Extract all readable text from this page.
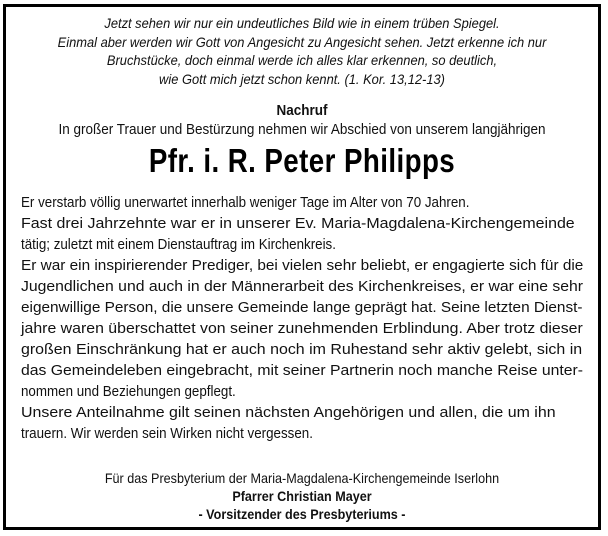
Jetzt sehen wir nur ein undeutliches Bild wie in einem trüben Spiegel.
Einmal aber werden wir Gott von Angesicht zu Angesicht sehen. Jetzt erkenne ich nur
Bruchstücke, doch einmal werde ich alles klar erkennen, so deutlich,
wie Gott mich jetzt schon kennt. (1. Kor. 13,12-13)
Nachruf
In großer Trauer und Bestürzung nehmen wir Abschied von unserem langjährigen
Pfr. i. R. Peter Philipps
Er verstarb völlig unerwartet innerhalb weniger Tage im Alter von 70 Jahren.
Fast drei Jahrzehnte war er in unserer Ev. Maria-Magdalena-Kirchengemeinde
tätig; zuletzt mit einem Dienstauftrag im Kirchenkreis.
Er war ein inspirierender Prediger, bei vielen sehr beliebt, er engagierte sich für die
Jugendlichen und auch in der Männerarbeit des Kirchenkreises, er war eine sehr
eigenwillige Person, die unsere Gemeinde lange geprägt hat. Seine letzten Dienst-
jahre waren überschattet von seiner zunehmenden Erblindung. Aber trotz dieser
großen Einschränkung hat er auch noch im Ruhestand sehr aktiv gelebt, sich in
das Gemeindeleben eingebracht, mit seiner Partnerin noch manche Reise unter-
nommen und Beziehungen gepflegt.
Unsere Anteilnahme gilt seinen nächsten Angehörigen und allen, die um ihn
trauern. Wir werden sein Wirken nicht vergessen.
Für das Presbyterium der Maria-Magdalena-Kirchengemeinde Iserlohn
Pfarrer Christian Mayer
- Vorsitzender des Presbyteriums -
